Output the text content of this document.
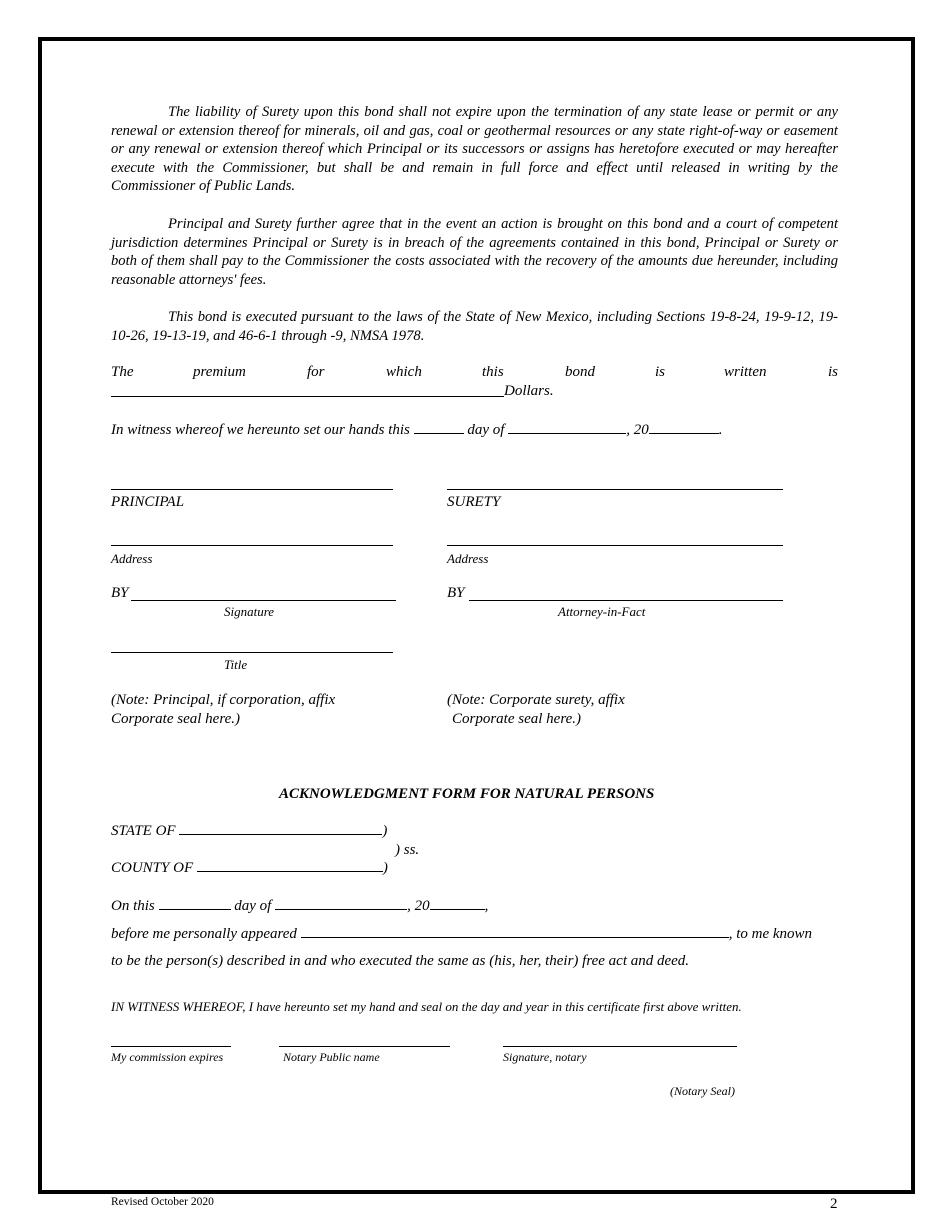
The liability of Surety upon this bond shall not expire upon the termination of any state lease or permit or any renewal or extension thereof for minerals, oil and gas, coal or geothermal resources or any state right-of-way or easement or any renewal or extension thereof which Principal or its successors or assigns has heretofore executed or may hereafter execute with the Commissioner, but shall be and remain in full force and effect until released in writing by the Commissioner of Public Lands.
Principal and Surety further agree that in the event an action is brought on this bond and a court of competent jurisdiction determines Principal or Surety is in breach of the agreements contained in this bond, Principal or Surety or both of them shall pay to the Commissioner the costs associated with the recovery of the amounts due hereunder, including reasonable attorneys' fees.
This bond is executed pursuant to the laws of the State of New Mexico, including Sections 19-8-24, 19-9-12, 19-10-26, 19-13-19, and 46-6-1 through -9, NMSA 1978.
The	premium	for	which	this	bond	is	written	is
Dollars.
In witness whereof we hereunto set our hands this	day of	, 20	.
PRINCIPAL	SURETY
Address	Address
BY	BY
Signature	Attorney-in-Fact
Title
(Note: Principal, if corporation, affix
Corporate seal here.)
(Note: Corporate surety, affix
Corporate seal here.)
ACKNOWLEDGMENT FORM FOR NATURAL PERSONS
STATE OF	)
) ss.
COUNTY OF	)
On this	day of	, 20	,
before me personally appeared	, to me known
to be the person(s) described in and who executed the same as (his, her, their) free act and deed.
IN WITNESS WHEREOF, I have hereunto set my hand and seal on the day and year in this certificate first above written.
My commission expires	Notary Public name	Signature, notary
(Notary Seal)
Revised October 2020	2
